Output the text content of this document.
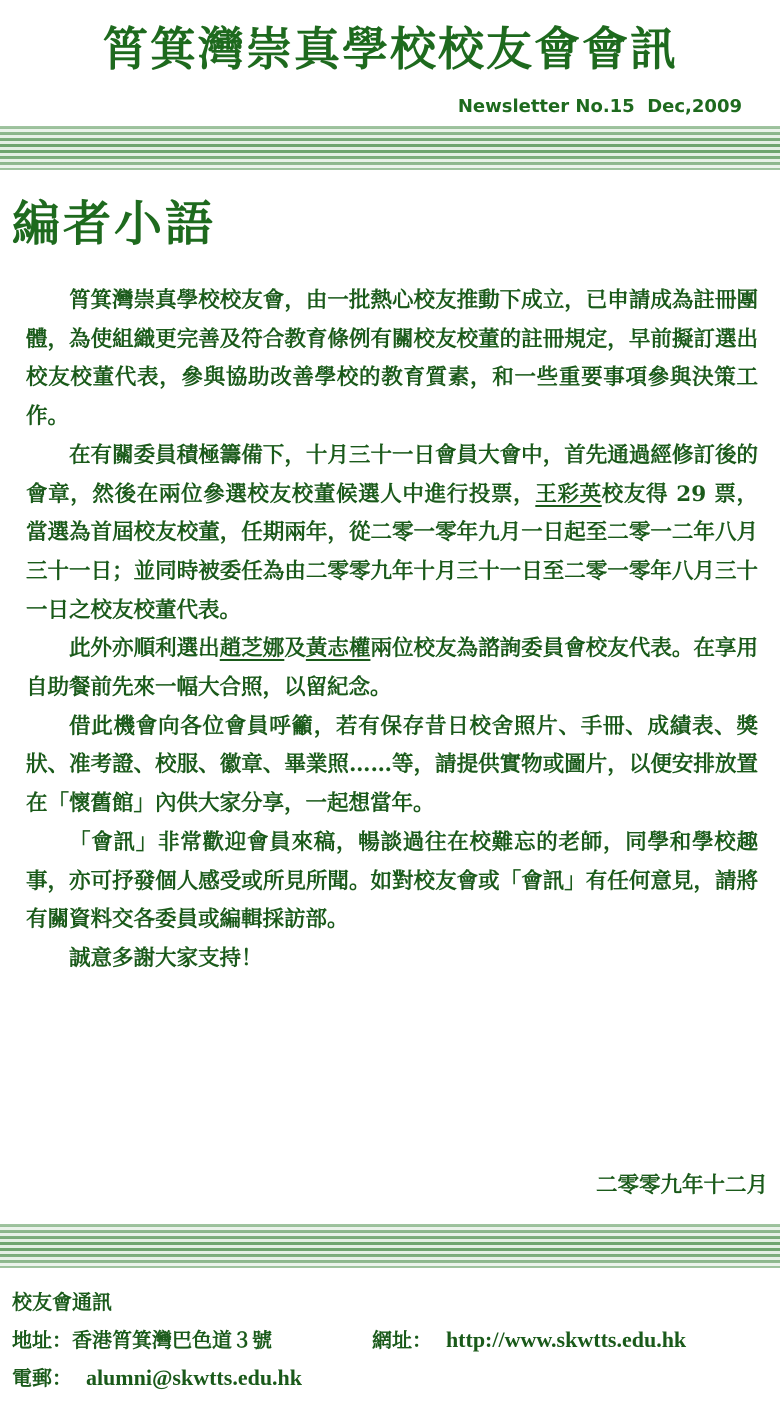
筲箕灣崇真學校校友會會訊
Newsletter No.15  Dec,2009
編者小語

筲箕灣崇真學校校友會，由一批熱心校友推動下成立，已申請成為註冊團體，為使組織更完善及符合教育條例有關校友校董的註冊規定，早前擬訂選出校友校董代表，參與協助改善學校的教育質素，和一些重要事項參與決策工作。

在有關委員積極籌備下，十月三十一日會員大會中，首先通過經修訂後的會章，然後在兩位參選校友校董候選人中進行投票，王彩英校友得 29 票，當選為首屆校友校董，任期兩年，從二零一零年九月一日起至二零一二年八月三十一日；並同時被委任為由二零零九年十月三十一日至二零一零年八月三十一日之校友校董代表。

此外亦順利選出趙芝娜及黃志權兩位校友為諮詢委員會校友代表。在享用自助餐前先來一幅大合照，以留紀念。

借此機會向各位會員呼籲，若有保存昔日校舍照片、手冊、成績表、獎狀、准考證、校服、徽章、畢業照……等，請提供實物或圖片，以便安排放置在「懷舊館」內供大家分享，一起想當年。

「會訊」非常歡迎會員來稿，暢談過往在校難忘的老師，同學和學校趣事，亦可抒發個人感受或所見所聞。如對校友會或「會訊」有任何意見，請將有關資料交各委員或編輯採訪部。

誠意多謝大家支持！

二零零九年十二月
校友會通訊
地址：香港筲箕灣巴色道３號	網址： http://www.skwtts.edu.hk
電郵： alumni@skwtts.edu.hk
